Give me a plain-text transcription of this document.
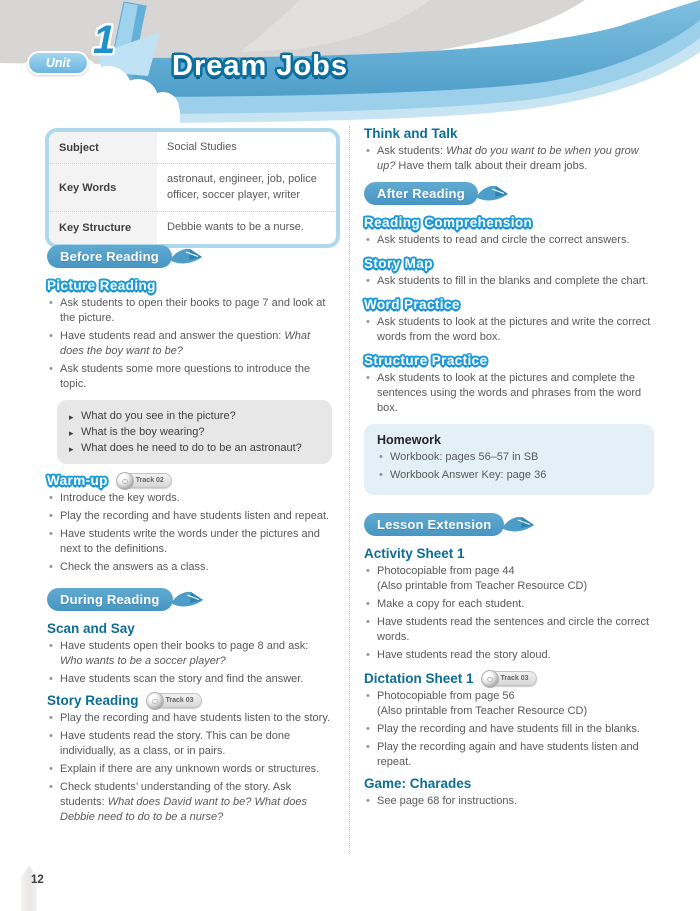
Unit
1
Dream Jobs
Subject	Social Studies
Key Words	astronaut, engineer, job, police officer, soccer player, writer
Key Structure	Debbie wants to be a nurse.
Before Reading
Picture Reading
• Ask students to open their books to page 7 and look at the picture.
• Have students read and answer the question: What does the boy want to be?
• Ask students some more questions to introduce the topic.
▸ What do you see in the picture?
▸ What is the boy wearing?
▸ What does he need to do to be an astronaut?
Warm-up	Track 02
• Introduce the key words.
• Play the recording and have students listen and repeat.
• Have students write the words under the pictures and next to the definitions.
• Check the answers as a class.
During Reading
Scan and Say
• Have students open their books to page 8 and ask: Who wants to be a soccer player?
• Have students scan the story and find the answer.
Story Reading	Track 03
• Play the recording and have students listen to the story.
• Have students read the story. This can be done individually, as a class, or in pairs.
• Explain if there are any unknown words or structures.
• Check students’ understanding of the story. Ask students: What does David want to be? What does Debbie need to do to be a nurse?
Think and Talk
• Ask students: What do you want to be when you grow up? Have them talk about their dream jobs.
After Reading
Reading Comprehension
• Ask students to read and circle the correct answers.
Story Map
• Ask students to fill in the blanks and complete the chart.
Word Practice
• Ask students to look at the pictures and write the correct words from the word box.
Structure Practice
• Ask students to look at the pictures and complete the sentences using the words and phrases from the word box.
Homework
• Workbook: pages 56–57 in SB
• Workbook Answer Key: page 36
Lesson Extension
Activity Sheet 1
• Photocopiable from page 44
(Also printable from Teacher Resource CD)
• Make a copy for each student.
• Have students read the sentences and circle the correct words.
• Have students read the story aloud.
Dictation Sheet 1	Track 03
• Photocopiable from page 56
(Also printable from Teacher Resource CD)
• Play the recording and have students fill in the blanks.
• Play the recording again and have students listen and repeat.
Game: Charades
• See page 68 for instructions.
12
